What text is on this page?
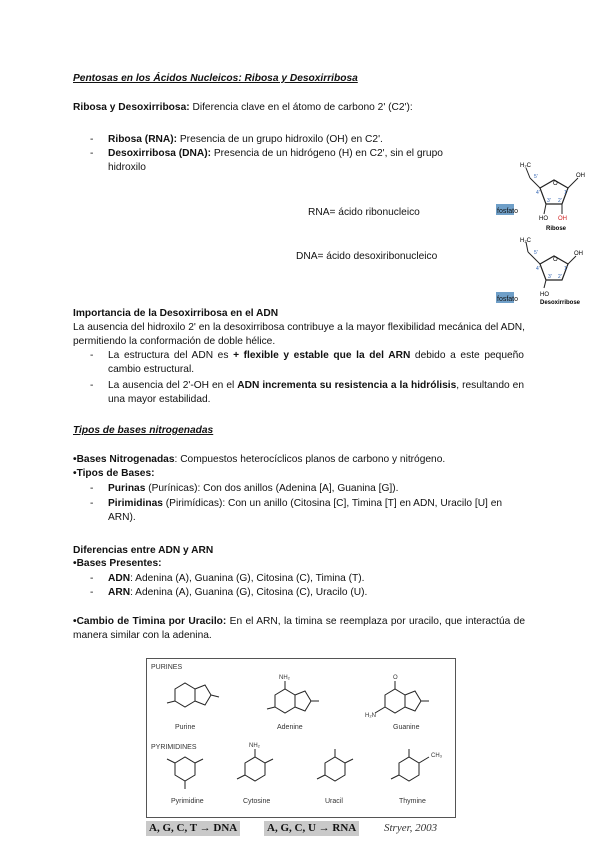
Pentosas en los Ácidos Nucleicos: Ribosa y Desoxirribosa
Ribosa y Desoxirribosa: Diferencia clave en el átomo de carbono 2' (C2'):
- Ribosa (RNA): Presencia de un grupo hidroxilo (OH) en C2'.
- Desoxirribosa (DNA): Presencia de un hidrógeno (H) en C2', sin el grupo
hidroxilo
RNA= ácido ribonucleico
DNA= ácido desoxiribonucleico
fosfato
O
OH
H₂C
5'
4'
3' 2'
1'
HO OH
Ribose
fosfato
O
OH
H₂C
5'
4'
3' 2'
1'
HO
Desoxirribose
Importancia de la Desoxirribosa en el ADN
La ausencia del hidroxilo 2' en la desoxirribosa contribuye a la mayor flexibilidad mecánica del ADN, permitiendo la conformación de doble hélice.
- La estructura del ADN es + flexible y estable que la del ARN debido a este pequeño cambio estructural.
- La ausencia del 2'-OH en el ADN incrementa su resistencia a la hidrólisis, resultando en una mayor estabilidad.
Tipos de bases nitrogenadas
•Bases Nitrogenadas: Compuestos heterocíclicos planos de carbono y nitrógeno.
•Tipos de Bases:
- Purinas (Purínicas): Con dos anillos (Adenina [A], Guanina [G]).
- Pirimidinas (Pirimídicas): Con un anillo (Citosina [C], Timina [T] en ADN, Uracilo [U] en ARN).
Diferencias entre ADN y ARN
•Bases Presentes:
- ADN: Adenina (A), Guanina (G), Citosina (C), Timina (T).
- ARN: Adenina (A), Guanina (G), Citosina (C), Uracilo (U).
•Cambio de Timina por Uracilo: En el ARN, la timina se reemplaza por uracilo, que interactúa de manera similar con la adenina.
PURINES
PYRIMIDINES
Purine
NH₂
Adenine
O
H₂N
Guanine
Pyrimidine
NH₂
Cytosine	Uracil
CH₃
Thymine
A, G, C, T → DNA	A, G, C, U → RNA	Stryer, 2003
